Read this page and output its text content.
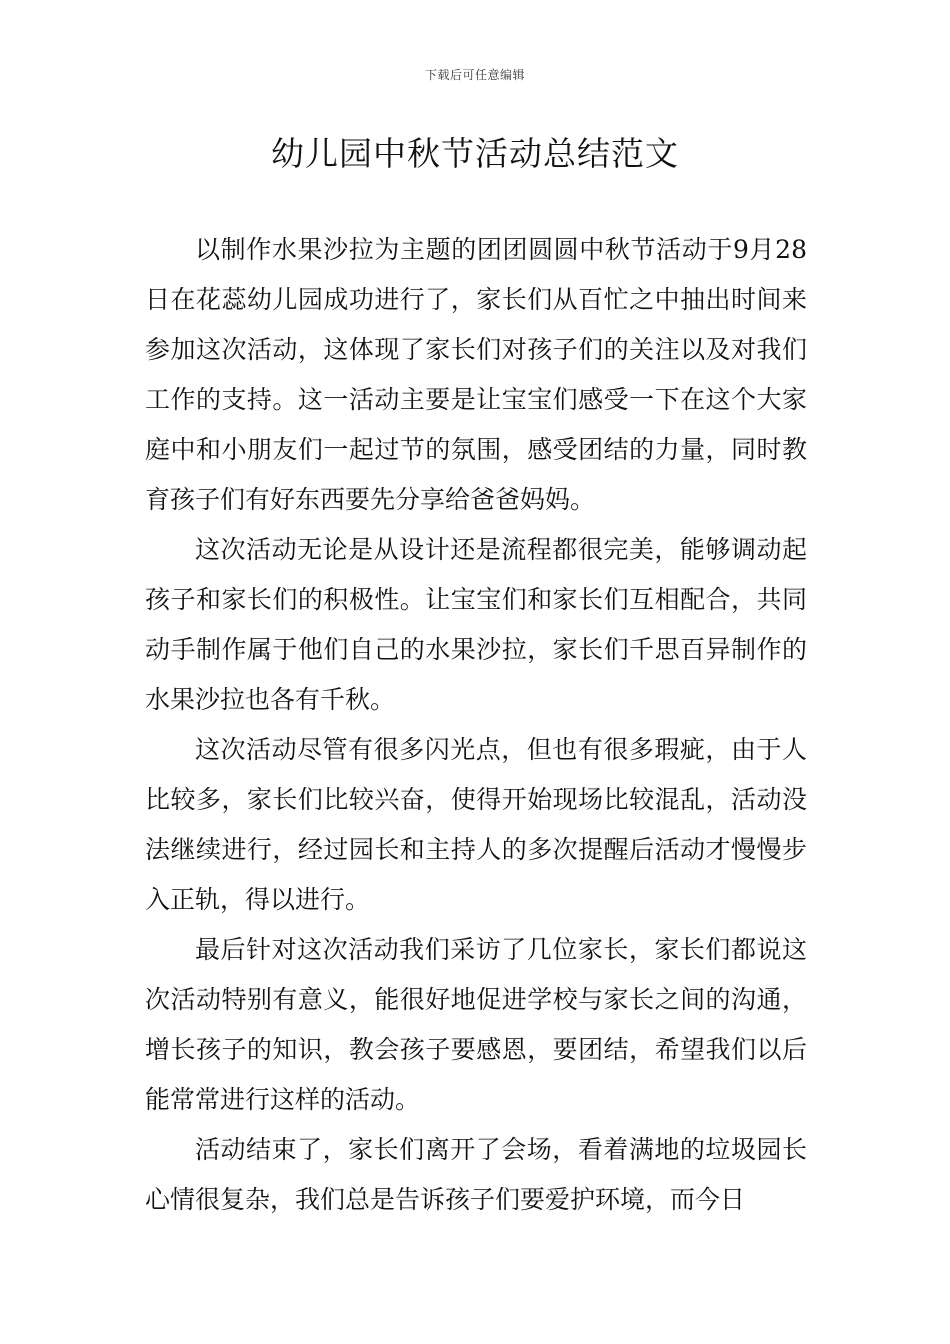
下载后可任意编辑
幼儿园中秋节活动总结范文

以制作水果沙拉为主题的团团圆圆中秋节活动于9月28日在花蕊幼儿园成功进行了，家长们从百忙之中抽出时间来参加这次活动，这体现了家长们对孩子们的关注以及对我们工作的支持。这一活动主要是让宝宝们感受一下在这个大家庭中和小朋友们一起过节的氛围，感受团结的力量，同时教育孩子们有好东西要先分享给爸爸妈妈。

这次活动无论是从设计还是流程都很完美，能够调动起孩子和家长们的积极性。让宝宝们和家长们互相配合，共同动手制作属于他们自己的水果沙拉，家长们千思百异制作的水果沙拉也各有千秋。

这次活动尽管有很多闪光点，但也有很多瑕疵，由于人比较多，家长们比较兴奋，使得开始现场比较混乱，活动没法继续进行，经过园长和主持人的多次提醒后活动才慢慢步入正轨，得以进行。

最后针对这次活动我们采访了几位家长，家长们都说这次活动特别有意义，能很好地促进学校与家长之间的沟通，增长孩子的知识，教会孩子要感恩，要团结，希望我们以后能常常进行这样的活动。

活动结束了，家长们离开了会场，看着满地的垃圾园长心情很复杂，我们总是告诉孩子们要爱护环境，而今日
